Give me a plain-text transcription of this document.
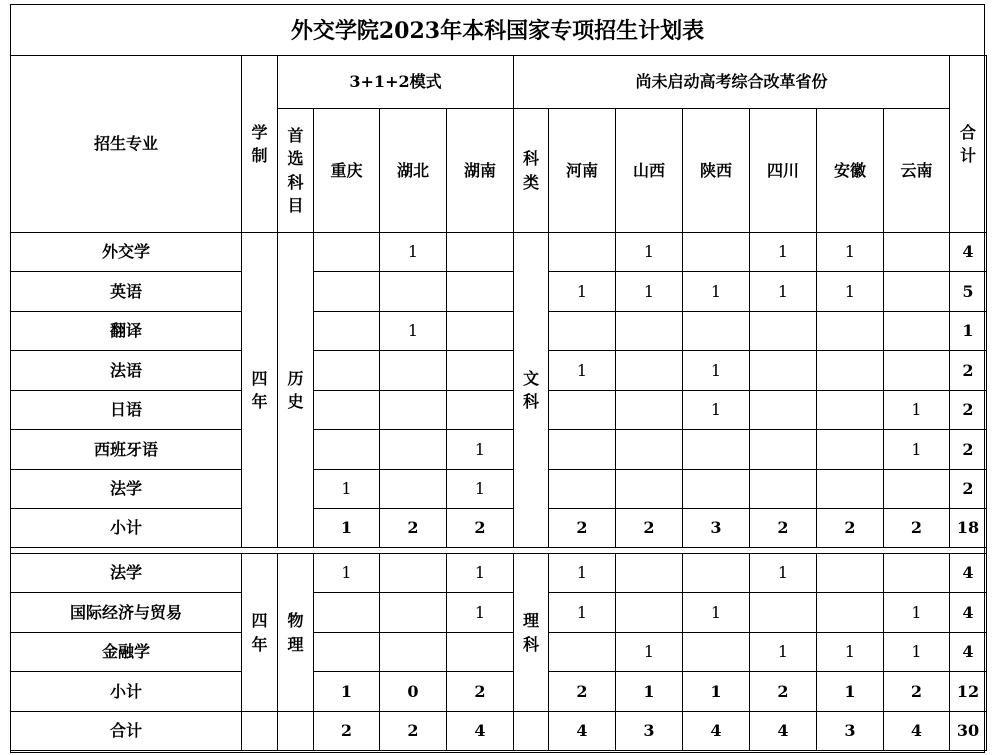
外交学院2023年本科国家专项招生计划表
招生专业	学制	3+1+2模式				尚未启动高考综合改革省份							合计
		首选科目	重庆	湖北	湖南	科类	河南	山西	陕西	四川	安徽	云南	
外交学	四年	历史		1		文科		1		1	1		4
英语							1	1	1	1	1		5
翻译				1									1
法语							1		1				2
日语									1			1	2
西班牙语					1							1	2
法学			1		1								2
小计			1	2	2		2	2	3	2	2	2	18

法学	四年	物理	1		1	理科	1			1			4
国际经济与贸易					1		1		1			1	4
金融学								1		1	1	1	4
小计			1	0	2		2	1	1	2	1	2	12
合计			2	2	4		4	3	4	4	3	4	30
